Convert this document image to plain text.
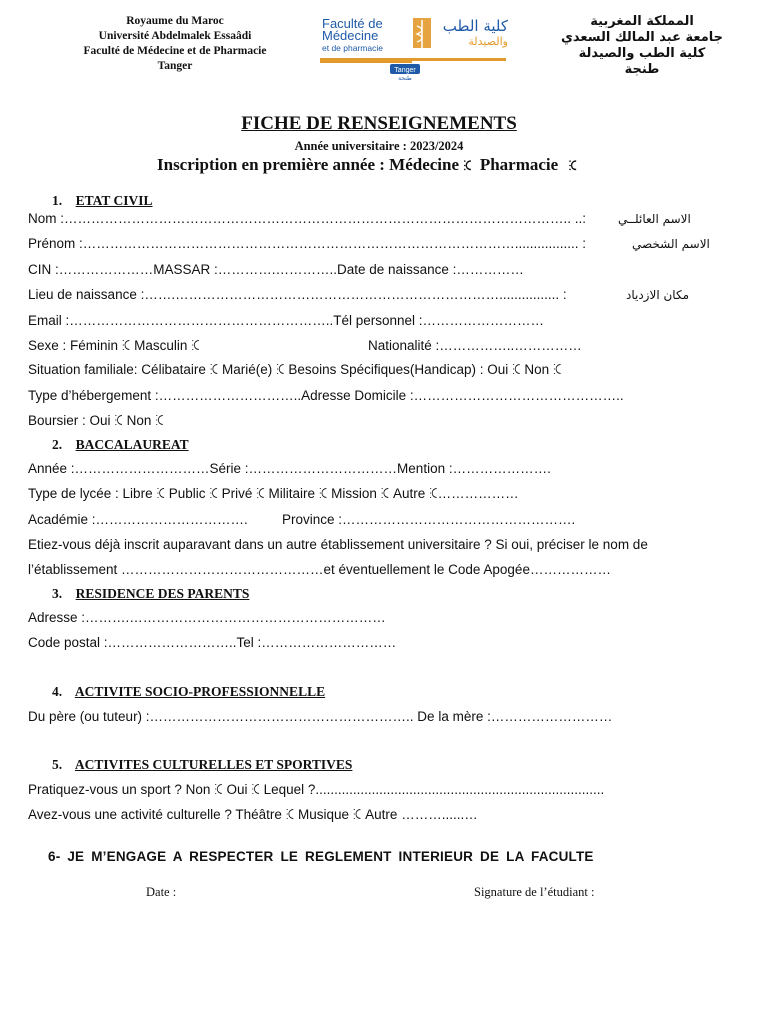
Royaume du Maroc
Université Abdelmalek Essaâdi
Faculté de Médecine et de Pharmacie
Tanger	Tanger
طنجة
Faculté de
Médecine
et de pharmacie
كلية الطب
والصيدلة
المملكة المغربية
جامعة عبد المالك السعدي
كلية الطب والصيدلة
طنجة
FICHE DE RENSEIGNEMENTS
Année universitaire : 2023/2024
Inscription en première année : Médecine ꕿ Pharmacie ꕿ
1. ETAT CIVIL
Nom :………………………………………………………………………………………………….. ..:	الاسم العائلــي
Prénom :……………………………………………………………………………………................. :	الاسم الشخصي
CIN :…………………MASSAR :………….…………..Date de naissance :……………
Lieu de naissance :…….………………………………………………………………................ :	مكان الازدياد
Email :…………………………………………………..Tél personnel :………………………
Sexe : Féminin ꕿ Masculin ꕿ	Nationalité :……………..……………
Situation familiale: Célibataire ꕿ Marié(e) ꕿ Besoins Spécifiques(Handicap) : Oui ꕿ Non ꕿ
Type d’hébergement :…………………………..Adresse Domicile :………………………………………..
Boursier : Oui ꕿ Non ꕿ
2. BACCALAUREAT
Année :…………………………Série :……………………………Mention :………………….
Type de lycée : Libre ꕿ Public ꕿ Privé ꕿ Militaire ꕿ Mission ꕿ Autre ꕿ………………
Académie :…………………………….	Province :…………………………………………….
Etiez-vous déjà inscrit auparavant dans un autre établissement universitaire ? Si oui, préciser le nom de
l’établissement ………………………………………et éventuellement le Code Apogée………………
3. RESIDENCE DES PARENTS
Adresse :……….…………………………………………………
Code postal :………………………..Tel :…………………………
4. ACTIVITE SOCIO-PROFESSIONNELLE
Du père (ou tuteur) :………………………………………………….. De la mère :………………………
5. ACTIVITES CULTURELLES ET SPORTIVES
Pratiquez-vous un sport ? Non ꕿ Oui ꕿ Lequel ?.............................................................................
Avez-vous une activité culturelle ? Théâtre ꕿ Musique ꕿ Autre ………......…
6- JE M’ENGAGE A RESPECTER LE REGLEMENT INTERIEUR DE LA FACULTE
Date :	Signature de l’étudiant :
